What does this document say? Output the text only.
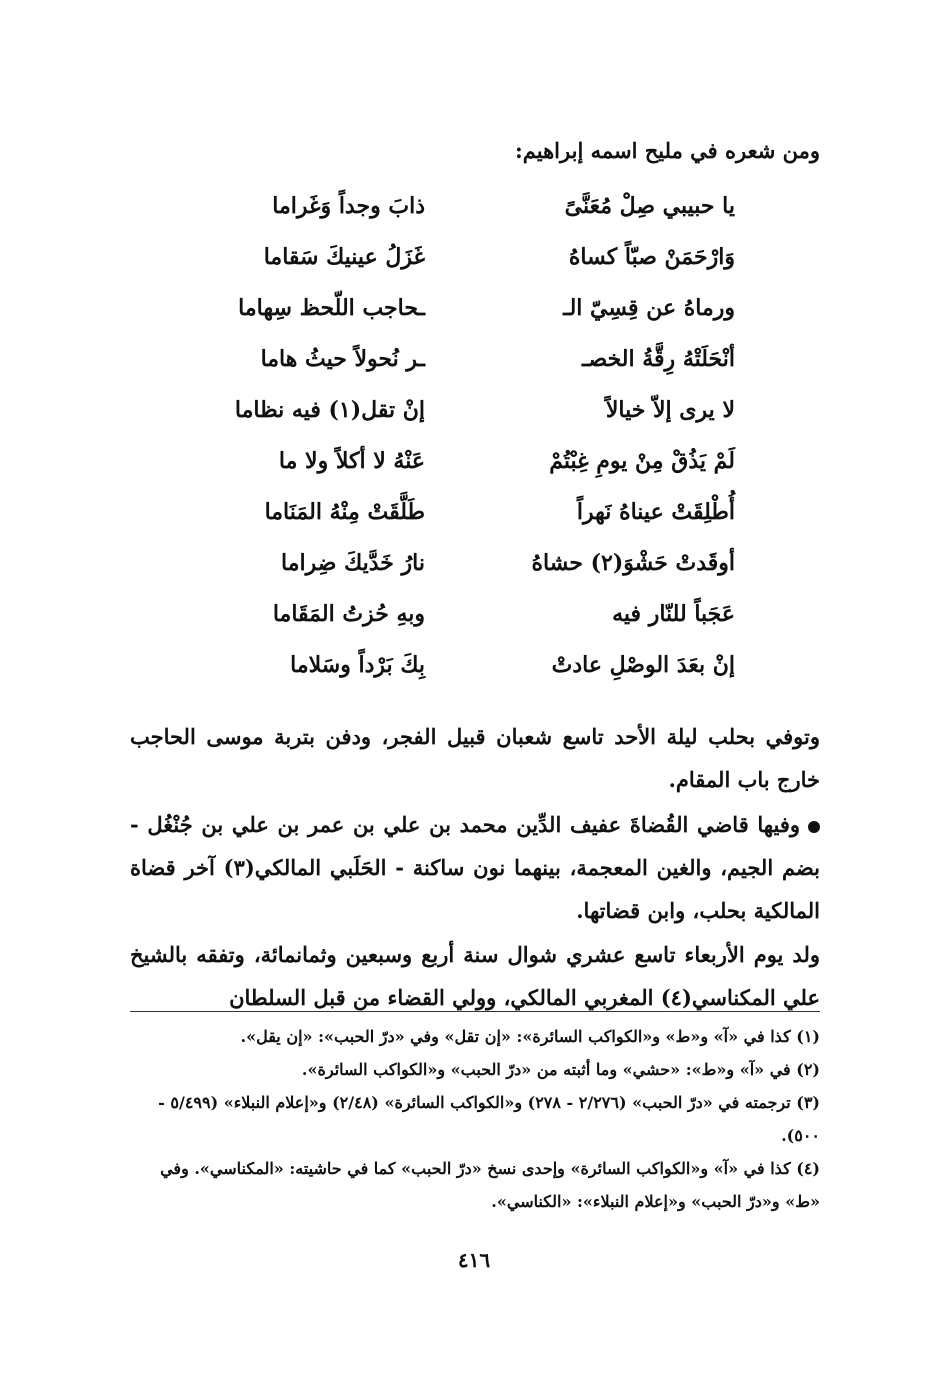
ومن شعره في مليح اسمه إبراهيم:
يا حبيبي صِلْ مُعَنَّىً
ذابَ وجداً وَغَراما
وَارْحَمَنْ صبّاً كساهُ
غَزَلُ عينيكَ سَقاما
ورماهُ عن قِسِيّ الـ
ـحاجب اللّحظ سِهاما
أنْحَلَتْهُ رِقَّةُ الخصـ
ـر نُحولاً حيثُ هاما
لا يرى إلاّ خيالاً
إنْ تقل(١) فيه نظاما
لَمْ يَذُقْ مِنْ يومِ غِبْتُمْ
عَنْهُ لا أكلاً ولا ما
أُطْلِقَتْ عيناهُ نَهراً
طَلَّقَتْ مِنْهُ المَنَاما
أوقَدتْ حَشْوَ(٢) حشاهُ
نارُ خَدَّيكَ ضِراما
عَجَباً للنّار فيه
وبهِ حُزتُ المَقَاما
إنْ بعَدَ الوصْلِ عادتْ
بِكَ بَرْداً وسَلاما

وتوفي بحلب ليلة الأحد تاسع شعبان قبيل الفجر، ودفن بتربة موسى الحاجب خارج باب المقام.

وفيها قاضي القُضاةَ عفيف الدِّين محمد بن علي بن عمر بن علي بن جُنْغُل - بضم الجيم، والغين المعجمة، بينهما نون ساكنة - الحَلَبي المالكي(٣) آخر قضاة المالكية بحلب، وابن قضاتها.

ولد يوم الأربعاء تاسع عشري شوال سنة أربع وسبعين وثمانمائة، وتفقه بالشيخ علي المكناسي(٤) المغربي المالكي، وولي القضاء من قبل السلطان

(١) كذا في «آ» و«ط» و«الكواكب السائرة»: «إن تقل» وفي «درّ الحبب»: «إن يقل».

(٢) في «آ» و«ط»: «حشي» وما أثبته من «درّ الحبب» و«الكواكب السائرة».

(٣) ترجمته في «درّ الحبب» (٢/٢٧٦ - ٢٧٨) و«الكواكب السائرة» (٢/٤٨) و«إعلام النبلاء» (٥/٤٩٩ - ٥٠٠).

(٤) كذا في «آ» و«الكواكب السائرة» وإحدى نسخ «درّ الحبب» كما في حاشيته: «المكناسي». وفي «ط» و«درّ الحبب» و«إعلام النبلاء»: «الكناسي».

٤١٦
